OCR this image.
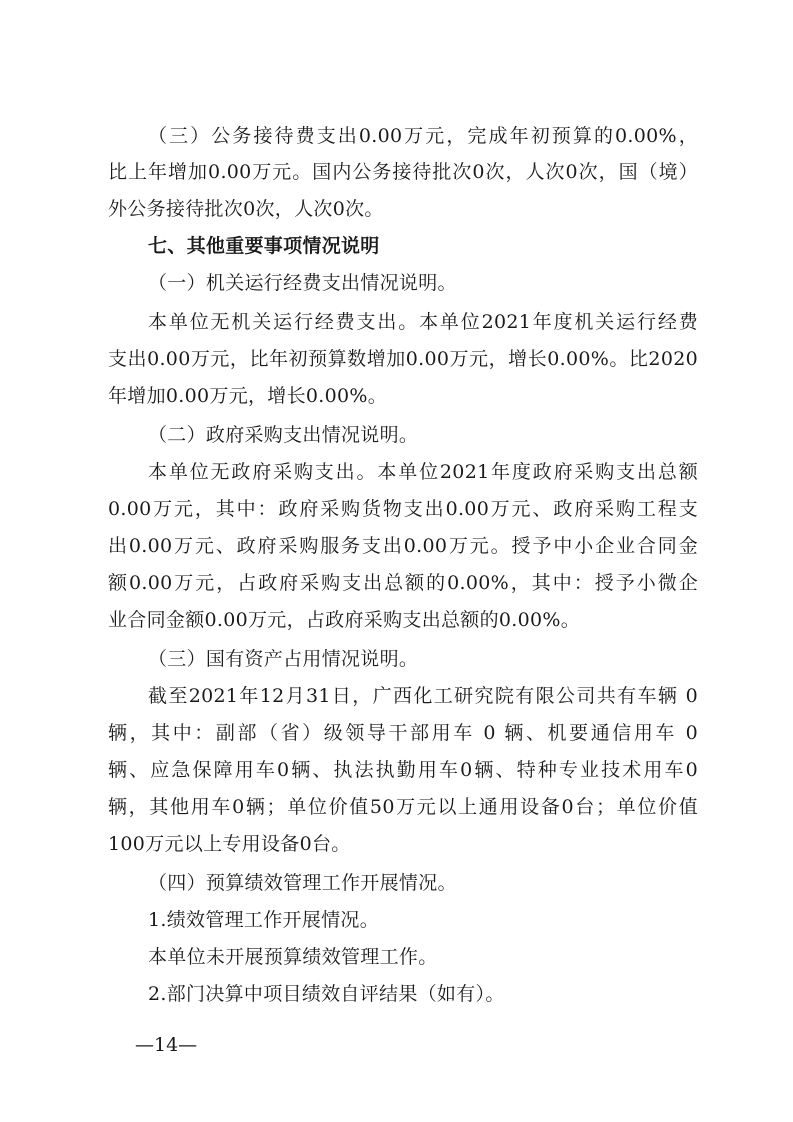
（三）公务接待费支出0.00万元，完成年初预算的0.00%，
比上年增加0.00万元。国内公务接待批次0次，人次0次，国（境）
外公务接待批次0次，人次0次。
七、其他重要事项情况说明
（一）机关运行经费支出情况说明。
本单位无机关运行经费支出。本单位2021年度机关运行经费
支出0.00万元，比年初预算数增加0.00万元，增长0.00%。比2020
年增加0.00万元，增长0.00%。
（二）政府采购支出情况说明。
本单位无政府采购支出。本单位2021年度政府采购支出总额
0.00万元，其中：政府采购货物支出0.00万元、政府采购工程支
出0.00万元、政府采购服务支出0.00万元。授予中小企业合同金
额0.00万元，占政府采购支出总额的0.00%，其中：授予小微企
业合同金额0.00万元，占政府采购支出总额的0.00%。
（三）国有资产占用情况说明。
截至2021年12月31日，广西化工研究院有限公司共有车辆 0
辆，其中：副部（省）级领导干部用车 0 辆、机要通信用车 0
辆、应急保障用车0辆、执法执勤用车0辆、特种专业技术用车0
辆，其他用车0辆；单位价值50万元以上通用设备0台；单位价值
100万元以上专用设备0台。
（四）预算绩效管理工作开展情况。
1.绩效管理工作开展情况。
本单位未开展预算绩效管理工作。
2.部门决算中项目绩效自评结果（如有）。
—14—
